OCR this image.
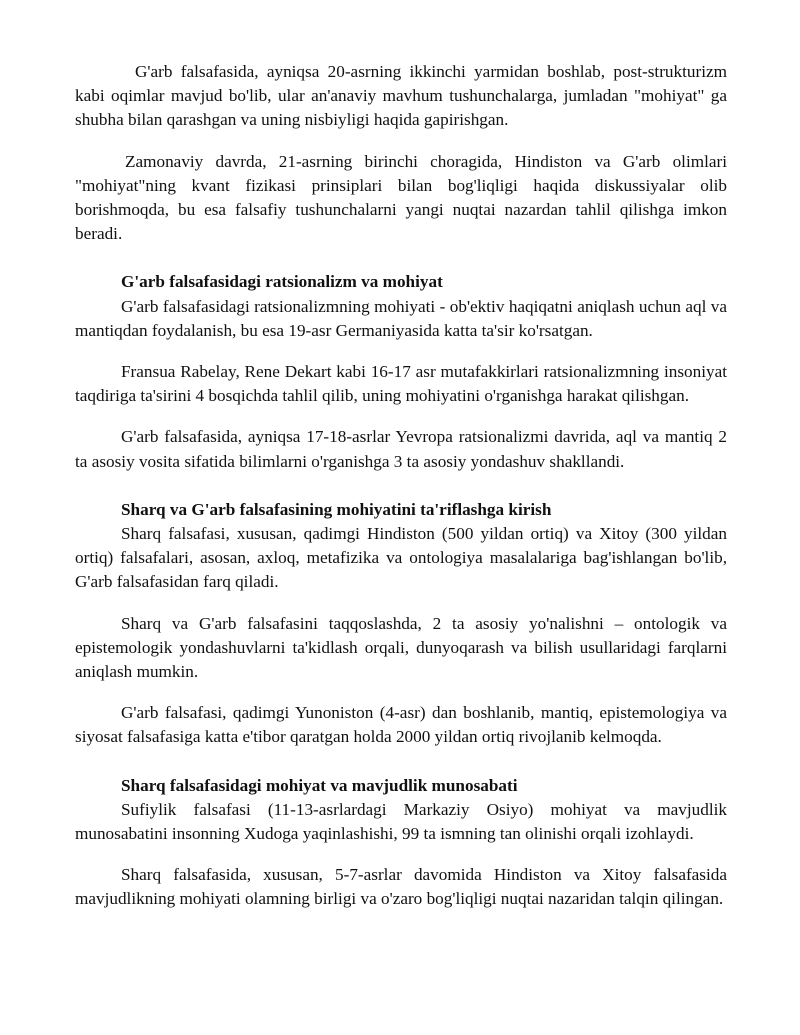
G'arb falsafasida, ayniqsa 20-asrning ikkinchi yarmidan boshlab, post-strukturizm kabi oqimlar mavjud bo'lib, ular an'anaviy mavhum tushunchalarga, jumladan "mohiyat" ga shubha bilan qarashgan va uning nisbiyligi haqida gapirishgan.

Zamonaviy davrda, 21-asrning birinchi choragida, Hindiston va G'arb olimlari "mohiyat"ning kvant fizikasi prinsiplari bilan bog'liqligi haqida diskussiyalar olib borishmoqda, bu esa falsafiy tushunchalarni yangi nuqtai nazardan tahlil qilishga imkon beradi.

G'arb falsafasidagi ratsionalizm va mohiyat

G'arb falsafasidagi ratsionalizmning mohiyati - ob'ektiv haqiqatni aniqlash uchun aql va mantiqdan foydalanish, bu esa 19-asr Germaniyasida katta ta'sir ko'rsatgan.

Fransua Rabelay, Rene Dekart kabi 16-17 asr mutafakkirlari ratsionalizmning insoniyat taqdiriga ta'sirini 4 bosqichda tahlil qilib, uning mohiyatini o'rganishga harakat qilishgan.

G'arb falsafasida, ayniqsa 17-18-asrlar Yevropa ratsionalizmi davrida, aql va mantiq 2 ta asosiy vosita sifatida bilimlarni o'rganishga 3 ta asosiy yondashuv shakllandi.

Sharq va G'arb falsafasining mohiyatini ta'riflashga kirish

Sharq falsafasi, xususan, qadimgi Hindiston (500 yildan ortiq) va Xitoy (300 yildan ortiq) falsafalari, asosan, axloq, metafizika va ontologiya masalalariga bag'ishlangan bo'lib, G'arb falsafasidan farq qiladi.

Sharq va G'arb falsafasini taqqoslashda, 2 ta asosiy yo'nalishni – ontologik va epistemologik yondashuvlarni ta'kidlash orqali, dunyoqarash va bilish usullaridagi farqlarni aniqlash mumkin.

G'arb falsafasi, qadimgi Yunoniston (4-asr) dan boshlanib, mantiq, epistemologiya va siyosat falsafasiga katta e'tibor qaratgan holda 2000 yildan ortiq rivojlanib kelmoqda.

Sharq falsafasidagi mohiyat va mavjudlik munosabati

Sufiylik falsafasi (11-13-asrlardagi Markaziy Osiyo) mohiyat va mavjudlik munosabatini insonning Xudoga yaqinlashishi, 99 ta ismning tan olinishi orqali izohlaydi.

Sharq falsafasida, xususan, 5-7-asrlar davomida Hindiston va Xitoy falsafasida mavjudlikning mohiyati olamning birligi va o'zaro bog'liqligi nuqtai nazaridan talqin qilingan.
